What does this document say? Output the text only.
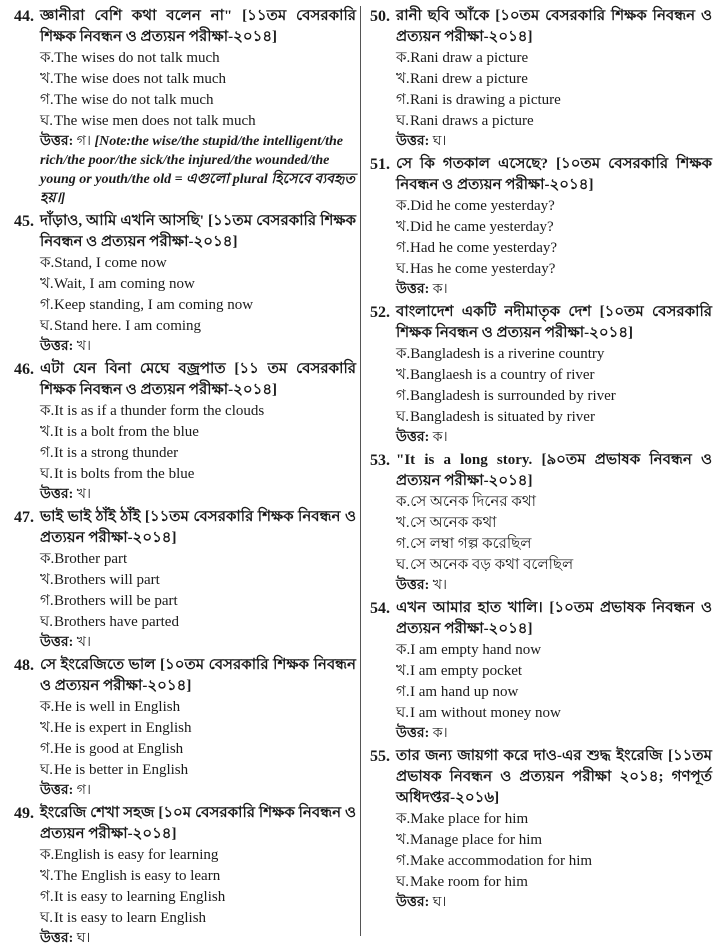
44. জ্ঞানীরা বেশি কথা বলেন না" [১১তম বেসরকারি শিক্ষক নিবন্ধন ও প্রত্যয়ন পরীক্ষা-২০১৪]
ক. The wises do not talk much
খ. The wise does not talk much
গ. The wise do not talk much
ঘ. The wise men does not talk much
উত্তর: গ। [Note:the wise/the stupid/the intelligent/the rich/the poor/the sick/the injured/the wounded/the young or youth/the old = এগুলো plural হিসেবে ব্যবহৃত হয়।]
45. দাঁড়াও, আমি এখনি আসছি' [১১তম বেসরকারি শিক্ষক নিবন্ধন ও প্রত্যয়ন পরীক্ষা-২০১৪]
ক. Stand, I come now
খ. Wait, I am coming now
গ. Keep standing, I am coming now
ঘ. Stand here. I am coming
উত্তর: খ।
46. এটা যেন বিনা মেঘে বজ্রপাত [১১ তম বেসরকারি শিক্ষক নিবন্ধন ও প্রত্যয়ন পরীক্ষা-২০১৪]
ক. It is as if a thunder form the clouds
খ. It is a bolt from the blue
গ. It is a strong thunder
ঘ. It is bolts from the blue
উত্তর: খ।
47. ভাই ভাই ঠাঁই ঠাঁই [১১তম বেসরকারি শিক্ষক নিবন্ধন ও প্রত্যয়ন পরীক্ষা-২০১৪]
ক. Brother part
খ. Brothers will part
গ. Brothers will be part
ঘ. Brothers have parted
উত্তর: খ।
48. সে ইংরেজিতে ভাল [১০তম বেসরকারি শিক্ষক নিবন্ধন ও প্রত্যয়ন পরীক্ষা-২০১৪]
ক. He is well in English
খ. He is expert in English
গ. He is good at English
ঘ. He is better in English
উত্তর: গ।
49. ইংরেজি শেখা সহজ [১০ম বেসরকারি শিক্ষক নিবন্ধন ও প্রত্যয়ন পরীক্ষা-২০১৪]
ক. English is easy for learning
খ. The English is easy to learn
গ. It is easy to learning English
ঘ. It is easy to learn English
উত্তর: ঘ।
50. রানী ছবি আঁকে [১০তম বেসরকারি শিক্ষক নিবন্ধন ও প্রত্যয়ন পরীক্ষা-২০১৪]
ক. Rani draw a picture
খ. Rani drew a picture
গ. Rani is drawing a picture
ঘ. Rani draws a picture
উত্তর: ঘ।
51. সে কি গতকাল এসেছে? [১০তম বেসরকারি শিক্ষক নিবন্ধন ও প্রত্যয়ন পরীক্ষা-২০১৪]
ক. Did he come yesterday?
খ. Did he came yesterday?
গ. Had he come yesterday?
ঘ. Has he come yesterday?
উত্তর: ক।
52. বাংলাদেশ একটি নদীমাতৃক দেশ [১০তম বেসরকারি শিক্ষক নিবন্ধন ও প্রত্যয়ন পরীক্ষা-২০১৪]
ক. Bangladesh is a riverine country
খ. Banglaesh is a country of river
গ. Bangladesh is surrounded by river
ঘ. Bangladesh is situated by river
উত্তর: ক।
53. "It is a long story. [৯০তম প্রভাষক নিবন্ধন ও প্রত্যয়ন পরীক্ষা-২০১৪]
ক. সে অনেক দিনের কথা
খ. সে অনেক কথা
গ. সে লম্বা গল্প করেছিল
ঘ. সে অনেক বড় কথা বলেছিল
উত্তর: খ।
54. এখন আমার হাত খালি। [১০তম প্রভাষক নিবন্ধন ও প্রত্যয়ন পরীক্ষা-২০১৪]
ক. I am empty hand now
খ. I am empty pocket
গ. I am hand up now
ঘ. I am without money now
উত্তর: ক।
55. তার জন্য জায়গা করে দাও-এর শুদ্ধ ইংরেজি [১১তম প্রভাষক নিবন্ধন ও প্রত্যয়ন পরীক্ষা ২০১৪; গণপূর্ত অধিদপ্তর-২০১৬]
ক. Make place for him
খ. Manage place for him
গ. Make accommodation for him
ঘ. Make room for him
উত্তর: ঘ।
